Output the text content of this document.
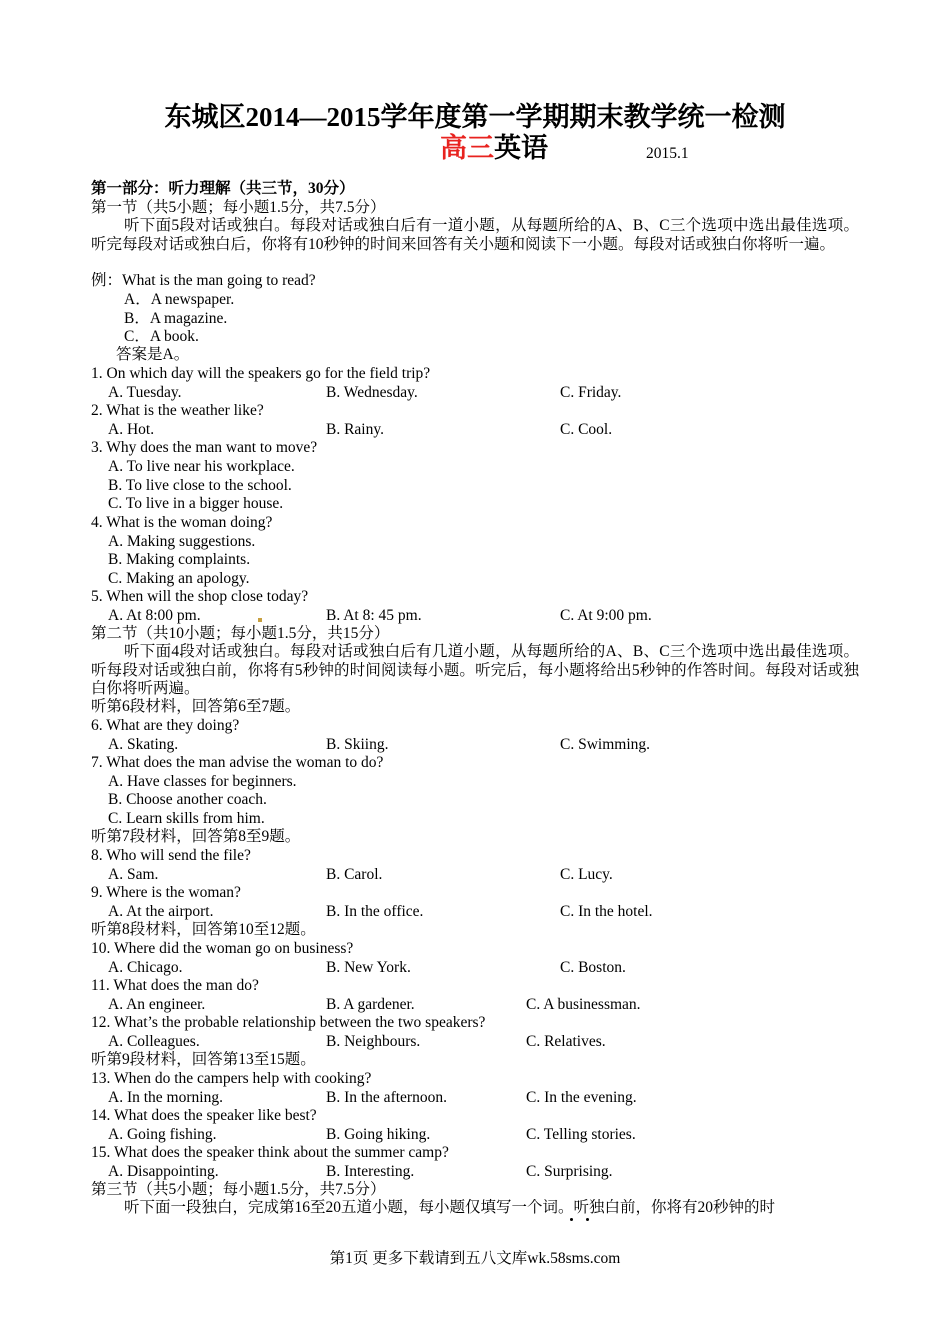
东城区2014—2015学年度第一学期期末教学统一检测
高三英语	2015.1
第一部分：听力理解（共三节，30分）
第一节（共5小题；每小题1.5分，共7.5分）
听下面5段对话或独白。每段对话或独白后有一道小题，从每题所给的A、B、C三个选项中选出最佳选项。听完每段对话或独白后，你将有10秒钟的时间来回答有关小题和阅读下一小题。每段对话或独白你将听一遍。
例：What is the man going to read?
A．A newspaper.
B．A magazine.
C．A book.
答案是A。
1. On which day will the speakers go for the field trip?
A. Tuesday.	B. Wednesday.	C. Friday.
2. What is the weather like?
A. Hot.	B. Rainy.	C. Cool.
3. Why does the man want to move?
A. To live near his workplace.
B. To live close to the school.
C. To live in a bigger house.
4. What is the woman doing?
A. Making suggestions.
B. Making complaints.
C. Making an apology.
5. When will the shop close today?
A. At 8:00 pm.	B. At 8: 45 pm.	C. At 9:00 pm.
第二节（共10小题；每小题1.5分，共15分）
听下面4段对话或独白。每段对话或独白后有几道小题，从每题所给的A、B、C三个选项中选出最佳选项。听每段对话或独白前，你将有5秒钟的时间阅读每小题。听完后，每小题将给出5秒钟的作答时间。每段对话或独白你将听两遍。
听第6段材料，回答第6至7题。
6. What are they doing?
A. Skating.	B. Skiing.	C. Swimming.
7. What does the man advise the woman to do?
A. Have classes for beginners.
B. Choose another coach.
C. Learn skills from him.
听第7段材料，回答第8至9题。
8. Who will send the file?
A. Sam.	B. Carol.	C. Lucy.
9. Where is the woman?
A. At the airport.	B. In the office.	C. In the hotel.
听第8段材料，回答第10至12题。
10. Where did the woman go on business?
A. Chicago.	B. New York.	C. Boston.
11. What does the man do?
A. An engineer.	B. A gardener.	C. A businessman.
12. What’s the probable relationship between the two speakers?
A. Colleagues.	B. Neighbours.	C. Relatives.
听第9段材料，回答第13至15题。
13. When do the campers help with cooking?
A. In the morning.	B. In the afternoon.	C. In the evening.
14. What does the speaker like best?
A. Going fishing.	B. Going hiking.	C. Telling stories.
15. What does the speaker think about the summer camp?
A. Disappointing.	B. Interesting.	C. Surprising.
第三节（共5小题；每小题1.5分，共7.5分）
听下面一段独白，完成第16至20五道小题，每小题仅填写一个词。听独白前，你将有20秒钟的时
第1页 更多下载请到五八文库wk.58sms.com
